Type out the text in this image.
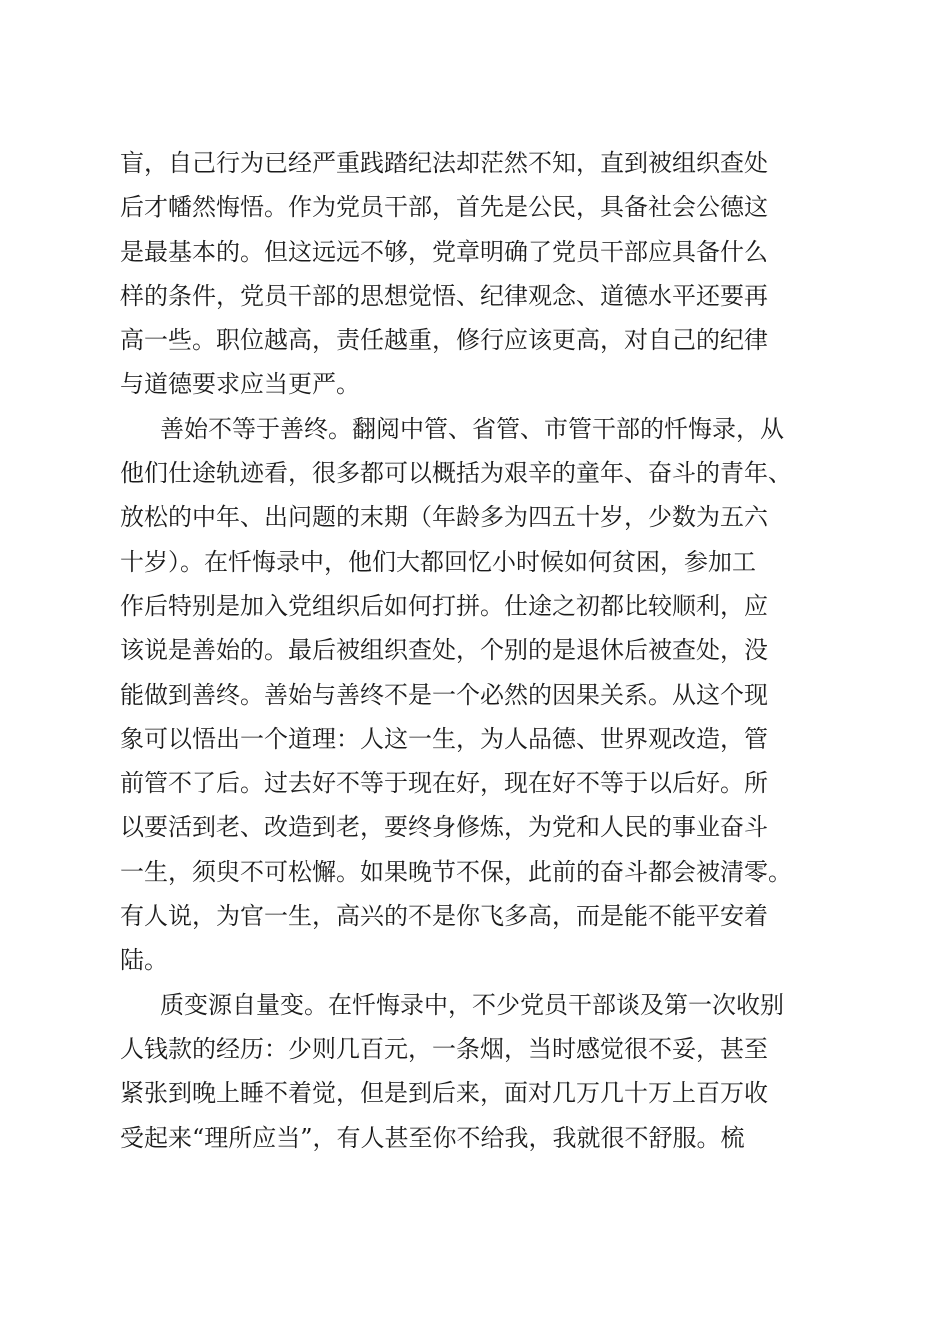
盲，自己行为已经严重践踏纪法却茫然不知，直到被组织查处
后才幡然悔悟。作为党员干部，首先是公民，具备社会公德这
是最基本的。但这远远不够，党章明确了党员干部应具备什么
样的条件，党员干部的思想觉悟、纪律观念、道德水平还要再
高一些。职位越高，责任越重，修行应该更高，对自己的纪律
与道德要求应当更严。
善始不等于善终。翻阅中管、省管、市管干部的忏悔录，从
他们仕途轨迹看，很多都可以概括为艰辛的童年、奋斗的青年、
放松的中年、出问题的末期（年龄多为四五十岁，少数为五六
十岁）。在忏悔录中，他们大都回忆小时候如何贫困，参加工
作后特别是加入党组织后如何打拼。仕途之初都比较顺利，应
该说是善始的。最后被组织查处，个别的是退休后被查处，没
能做到善终。善始与善终不是一个必然的因果关系。从这个现
象可以悟出一个道理：人这一生，为人品德、世界观改造，管
前管不了后。过去好不等于现在好，现在好不等于以后好。所
以要活到老、改造到老，要终身修炼，为党和人民的事业奋斗
一生，须臾不可松懈。如果晚节不保，此前的奋斗都会被清零。
有人说，为官一生，高兴的不是你飞多高，而是能不能平安着
陆。
质变源自量变。在忏悔录中，不少党员干部谈及第一次收别
人钱款的经历：少则几百元，一条烟，当时感觉很不妥，甚至
紧张到晚上睡不着觉，但是到后来，面对几万几十万上百万收
受起来“理所应当”，有人甚至你不给我，我就很不舒服。梳
